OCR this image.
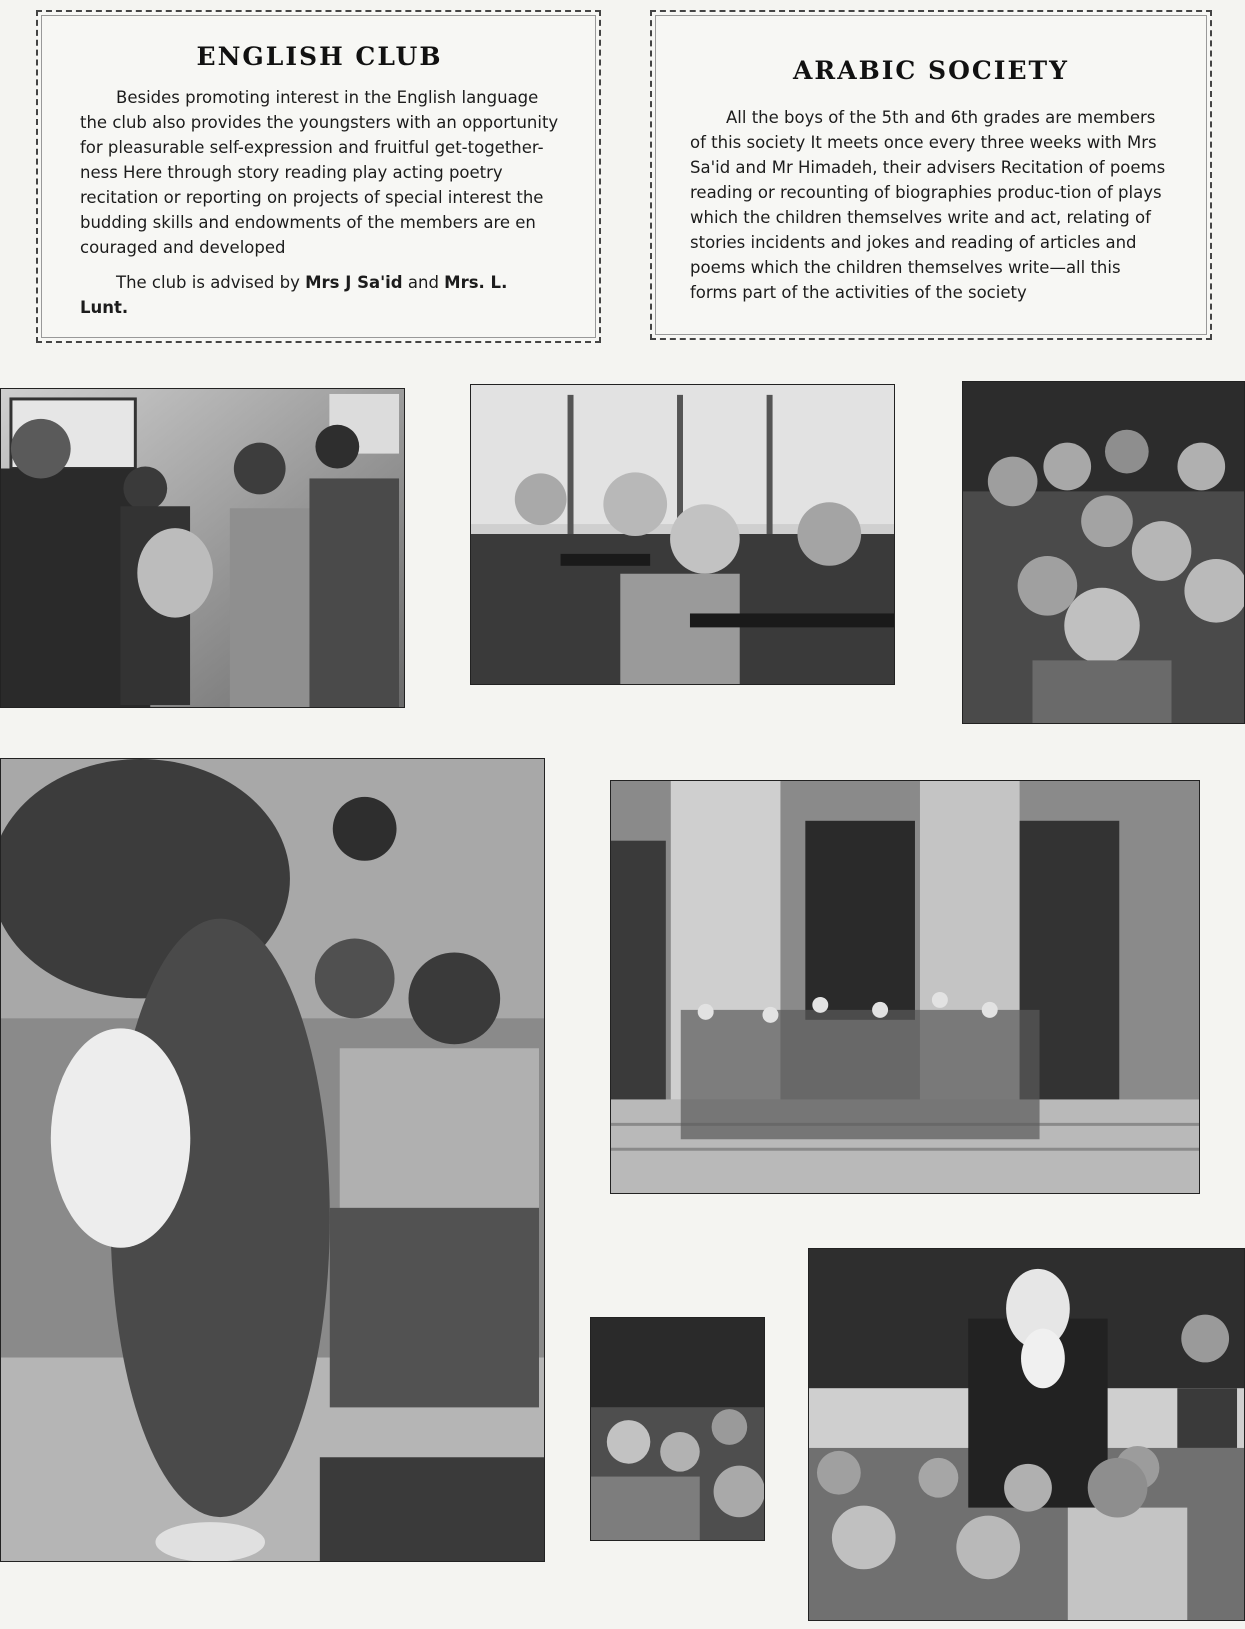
ENGLISH CLUB

Besides promoting interest in the English language the club also provides the youngsters with an opportunity for pleasurable self-expression and fruitful get-together-ness Here through story reading play acting poetry recitation or reporting on projects of special interest the budding skills and endowments of the members are en couraged and developed

The club is advised by Mrs J Sa'id and Mrs. L. Lunt.

ARABIC SOCIETY

All the boys of the 5th and 6th grades are members of this society It meets once every three weeks with Mrs Sa'id and Mr Himadeh, their advisers Recitation of poems reading or recounting of biographies produc-tion of plays which the children themselves write and act, relating of stories incidents and jokes and reading of articles and poems which the children themselves write—all this forms part of the activities of the society
